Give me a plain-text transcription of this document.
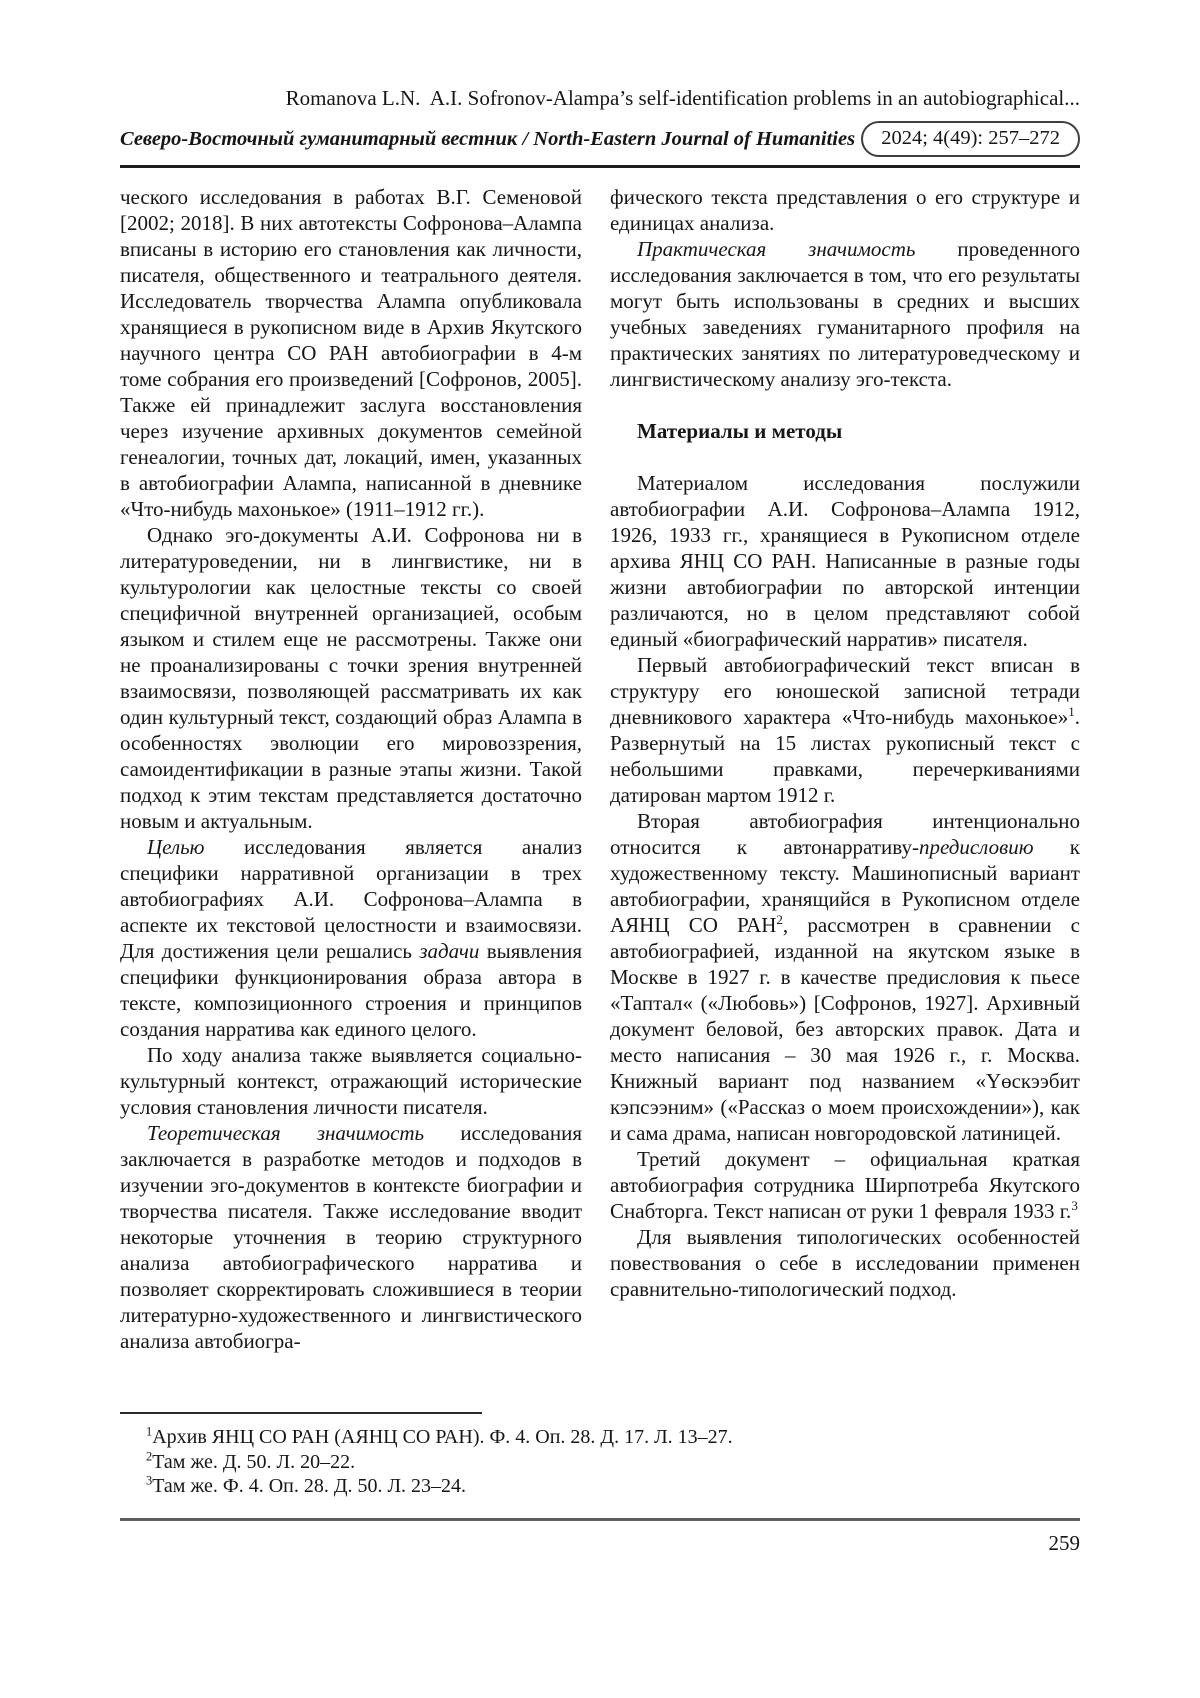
Romanova L.N.  A.I. Sofronov-Alampa’s self-identification problems in an autobiographical...
Северо-Восточный гуманитарный вестник / North-Eastern Journal of Humanities	2024; 4(49): 257–272

ческого исследования в работах В.Г. Семеновой [2002; 2018]. В них автотексты Софронова–Алампа вписаны в историю его становления как личности, писателя, общественного и театрального деятеля. Исследователь творчества Алампа опубликовала хранящиеся в рукописном виде в Архив Якутского научного центра СО РАН автобиографии в 4-м томе собрания его произведений [Софронов, 2005]. Также ей принадлежит заслуга восстановления через изучение архивных документов семейной генеалогии, точных дат, локаций, имен, указанных в автобиографии Алампа, написанной в дневнике «Что-нибудь махонькое» (1911–1912 гг.).

Однако эго-документы А.И. Софронова ни в литературоведении, ни в лингвистике, ни в культурологии как целостные тексты со своей специфичной внутренней организацией, особым языком и стилем еще не рассмотрены. Также они не проанализированы с точки зрения внутренней взаимосвязи, позволяющей рассматривать их как один культурный текст, создающий образ Алампа в особенностях эволюции его мировоззрения, самоидентификации в разные этапы жизни. Такой подход к этим текстам представляется достаточно новым и актуальным.

Целью исследования является анализ специфики нарративной организации в трех автобиографиях А.И. Софронова–Алампа в аспекте их текстовой целостности и взаимосвязи. Для достижения цели решались задачи выявления специфики функционирования образа автора в тексте, композиционного строения и принципов создания нарратива как единого целого.

По ходу анализа также выявляется социально-культурный контекст, отражающий исторические условия становления личности писателя.

Теоретическая значимость исследования заключается в разработке методов и подходов в изучении эго-документов в контексте биографии и творчества писателя. Также исследование вводит некоторые уточнения в теорию структурного анализа автобиографического нарратива и позволяет скорректировать сложившиеся в теории литературно-художественного и лингвистического анализа автобиогра-

фического текста представления о его структуре и единицах анализа.

Практическая значимость проведенного исследования заключается в том, что его результаты могут быть использованы в средних и высших учебных заведениях гуманитарного профиля на практических занятиях по литературоведческому и лингвистическому анализу эго-текста.

Материалы и методы

Материалом исследования послужили автобиографии А.И. Софронова–Алампа 1912, 1926, 1933 гг., хранящиеся в Рукописном отделе архива ЯНЦ СО РАН. Написанные в разные годы жизни автобиографии по авторской интенции различаются, но в целом представляют собой единый «биографический нарратив» писателя.

Первый автобиографический текст вписан в структуру его юношеской записной тетради дневникового характера «Что-нибудь махонькое»$^1$. Развернутый на 15 листах рукописный текст с небольшими правками, перечеркиваниями датирован мартом 1912 г.

Вторая автобиография интенционально относится к автонарративу-предисловию к художественному тексту. Машинописный вариант автобиографии, хранящийся в Рукописном отделе АЯНЦ СО РАН$^2$, рассмотрен в сравнении с автобиографией, изданной на якутском языке в Москве в 1927 г. в качестве предисловия к пьесе «Таптал« («Любовь») [Софронов, 1927]. Архивный документ беловой, без авторских правок. Дата и место написания – 30 мая 1926 г., г. Москва. Книжный вариант под названием «Yөскээбит кэпсээним» («Рассказ о моем происхождении»), как и сама драма, написан новгородовской латиницей.

Третий документ – официальная краткая автобиография сотрудника Ширпотреба Якутского Снабторга. Текст написан от руки 1 февраля 1933 г.$^3$

Для выявления типологических особенностей повествования о себе в исследовании применен сравнительно-типологический подход.

$^1$Архив ЯНЦ СО РАН (АЯНЦ СО РАН). Ф. 4. Оп. 28. Д. 17. Л. 13–27.

$^2$Там же. Д. 50. Л. 20–22.

$^3$Там же. Ф. 4. Оп. 28. Д. 50. Л. 23–24.

259
